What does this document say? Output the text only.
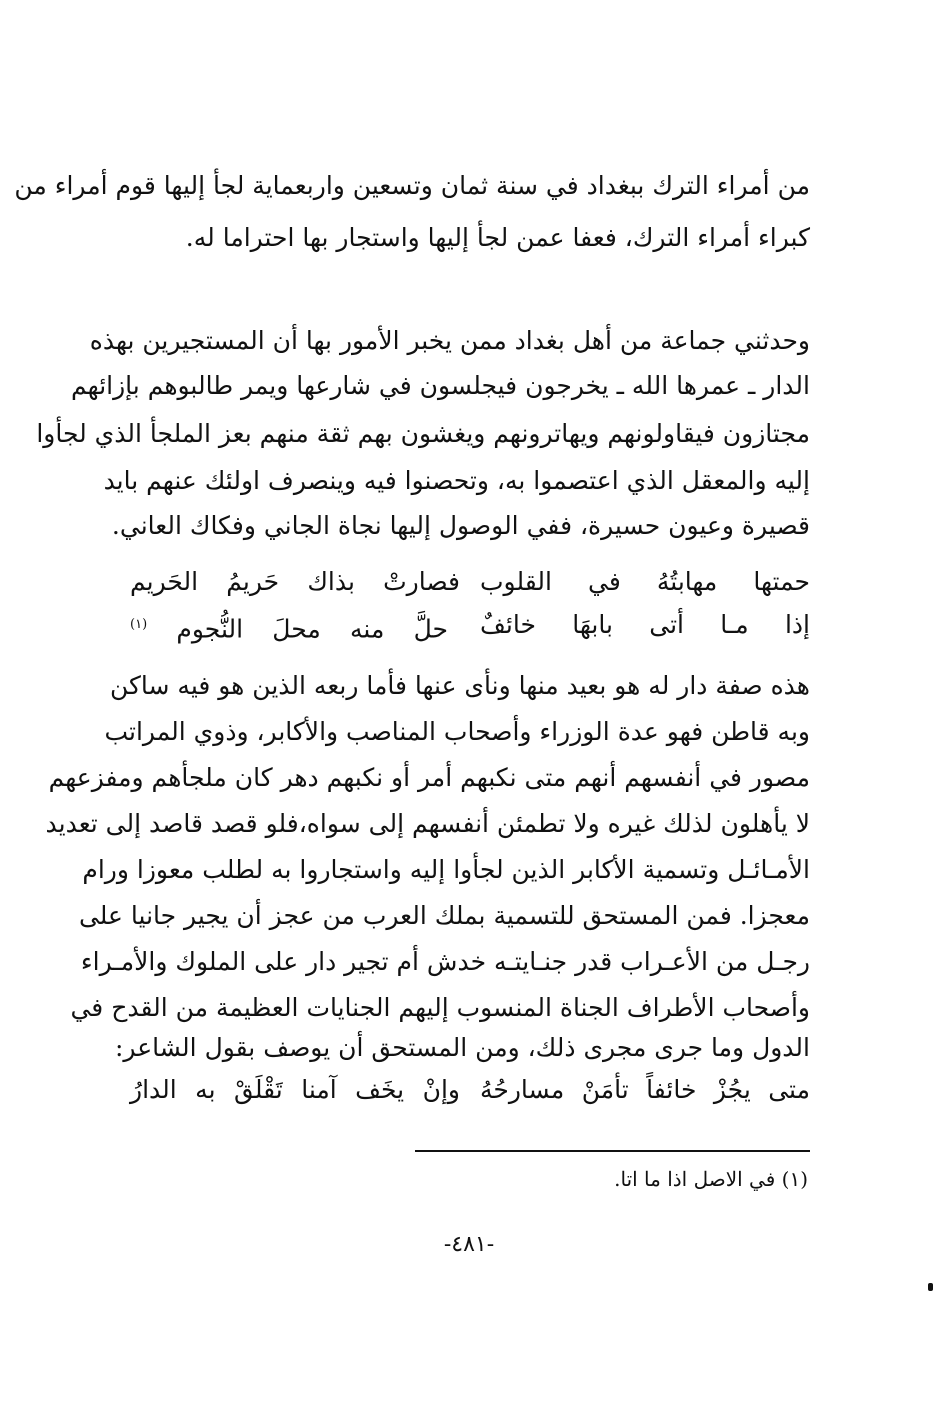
من أمراء الترك ببغداد في سنة ثمان وتسعين واربعماية لجأ إليها قوم أمراء من
كبراء أمراء الترك، فعفا عمن لجأ إليها واستجار بها احتراما له.
وحدثني جماعة من أهل بغداد ممن يخبر الأمور بها أن المستجيرين بهذه
الدار ـ عمرها الله ـ يخرجون فيجلسون في شارعها ويمر طالبوهم بإزائهم
مجتازون فيقاولونهم ويهاترونهم ويغشون بهم ثقة منهم بعز الملجأ الذي لجأوا
إليه والمعقل الذي اعتصموا به، وتحصنوا فيه وينصرف اولئك عنهم بايد
قصيرة وعيون حسيرة، ففي الوصول إليها نجاة الجاني وفكاك العاني.
حمتها مهابتُهُ في القلوب
فصارتْ بذاك حَريمُ الحَريم
إذا مـا أتى بابهَا خائفٌ
حلَّ منه محلَ النُّجوم $^{(١)}$
هذه صفة دار له هو بعيد منها ونأى عنها فأما ربعه الذين هو فيه ساكن
وبه قاطن فهو عدة الوزراء وأصحاب المناصب والأكابر، وذوي المراتب
مصور في أنفسهم أنهم متى نكبهم أمر أو نكبهم دهر كان ملجأهم ومفزعهم
لا يأهلون لذلك غيره ولا تطمئن أنفسهم إلى سواه،فلو قصد قاصد إلى تعديد
الأمـائـل وتسمية الأكابر الذين لجأوا إليه واستجاروا به لطلب معوزا ورام
معجزا. فمن المستحق للتسمية بملك العرب من عجز أن يجير جانيا على
رجـل من الأعـراب قدر جنـايتـه خدش أم تجير دار على الملوك والأمـراء
وأصحاب الأطراف الجناة المنسوب إليهم الجنايات العظيمة من القدح في
الدول وما جرى مجرى ذلك، ومن المستحق أن يوصف بقول الشاعر:
متى يجُزْ خائفاً تأمَنْ مسارحُهُ
وإنْ يخَف آمنا تَقْلَقْ به الدارُ
(١) في الاصل اذا ما اتا.
-٤٨١-
